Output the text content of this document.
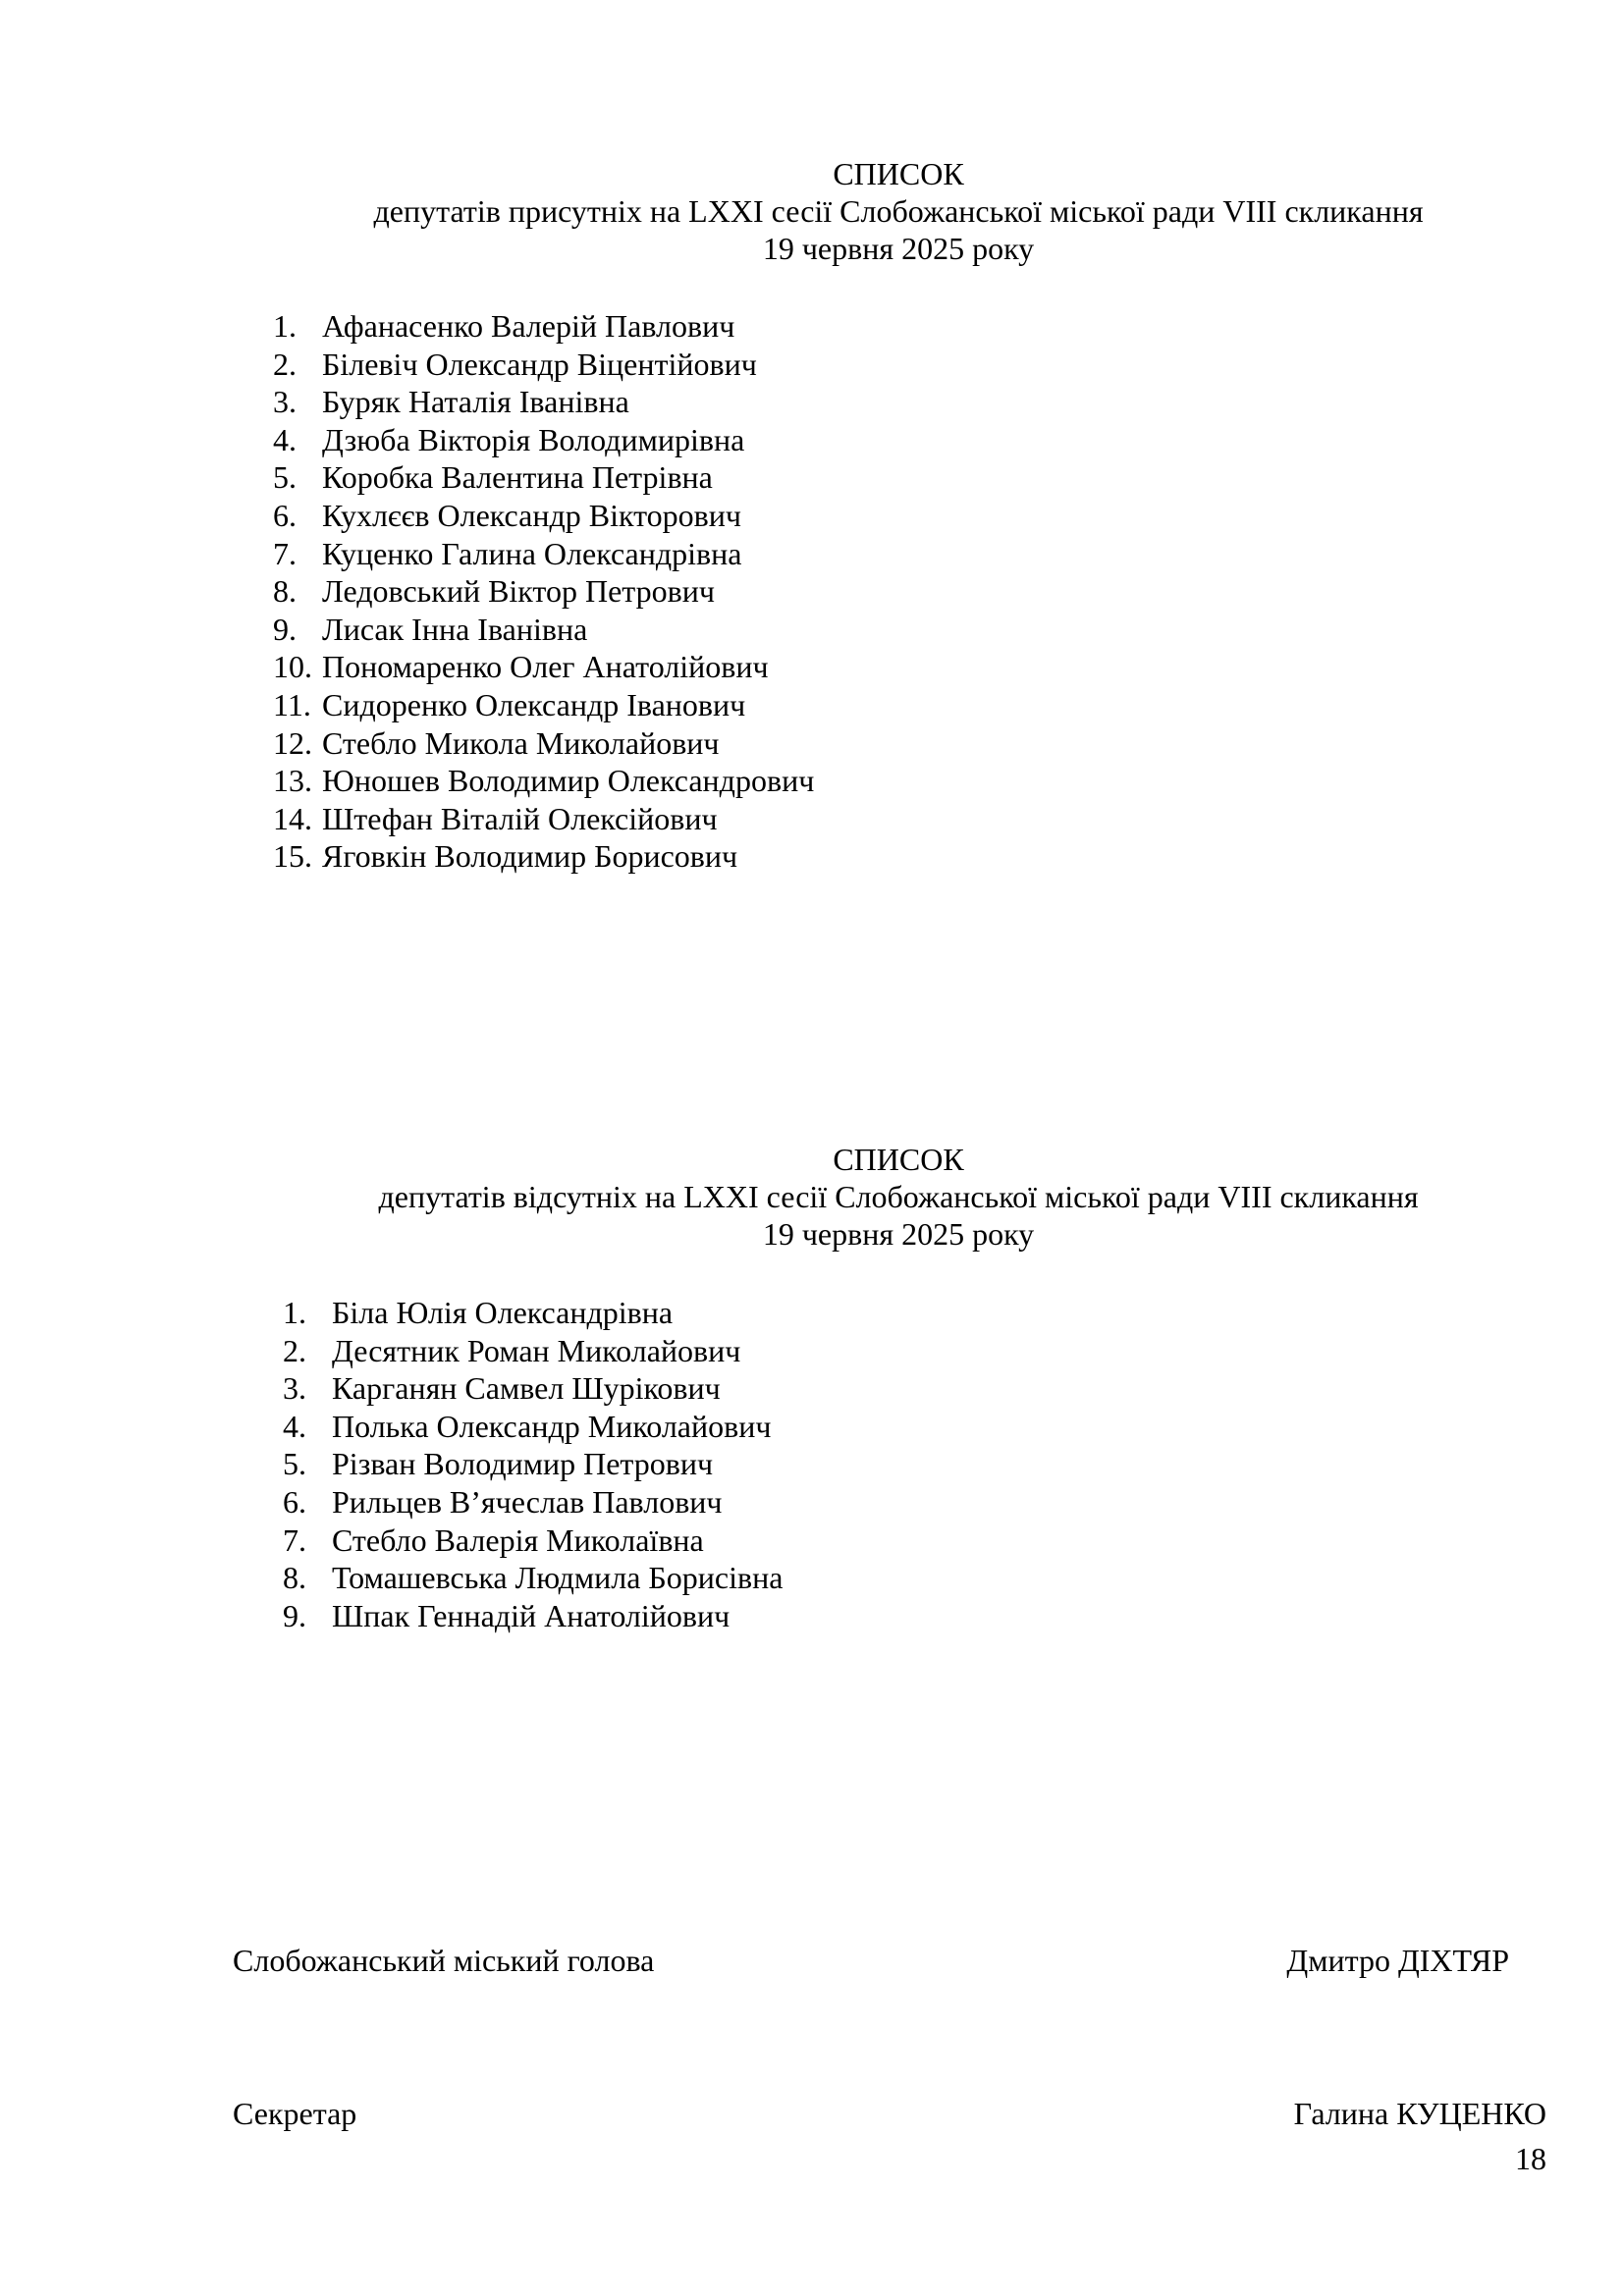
СПИСОК
депутатів присутніх на LXXI сесії Слобожанської міської ради VIII скликання
19 червня 2025 року
1. Афанасенко Валерій Павлович
2. Білевіч Олександр Віцентійович
3. Буряк Наталія Іванівна
4. Дзюба Вікторія Володимирівна
5. Коробка Валентина Петрівна
6. Кухлєєв Олександр Вікторович
7. Куценко Галина Олександрівна
8. Ледовський Віктор Петрович
9. Лисак Інна Іванівна
10. Пономаренко Олег Анатолійович
11. Сидоренко Олександр Іванович
12. Стебло Микола Миколайович
13. Юношев Володимир Олександрович
14. Штефан Віталій Олексійович
15. Яговкін Володимир Борисович
СПИСОК
депутатів відсутніх на LXXI сесії Слобожанської міської ради VIII скликання
19 червня 2025 року
1. Біла Юлія Олександрівна
2. Десятник Роман Миколайович
3. Карганян Самвел Шурікович
4. Полька Олександр Миколайович
5. Різван Володимир Петрович
6. Рильцев В’ячеслав Павлович
7. Стебло Валерія Миколаївна
8. Томашевська Людмила Борисівна
9. Шпак Геннадій Анатолійович
Слобожанський міський голова	Дмитро ДІХТЯР
Секретар	Галина КУЦЕНКО
18
